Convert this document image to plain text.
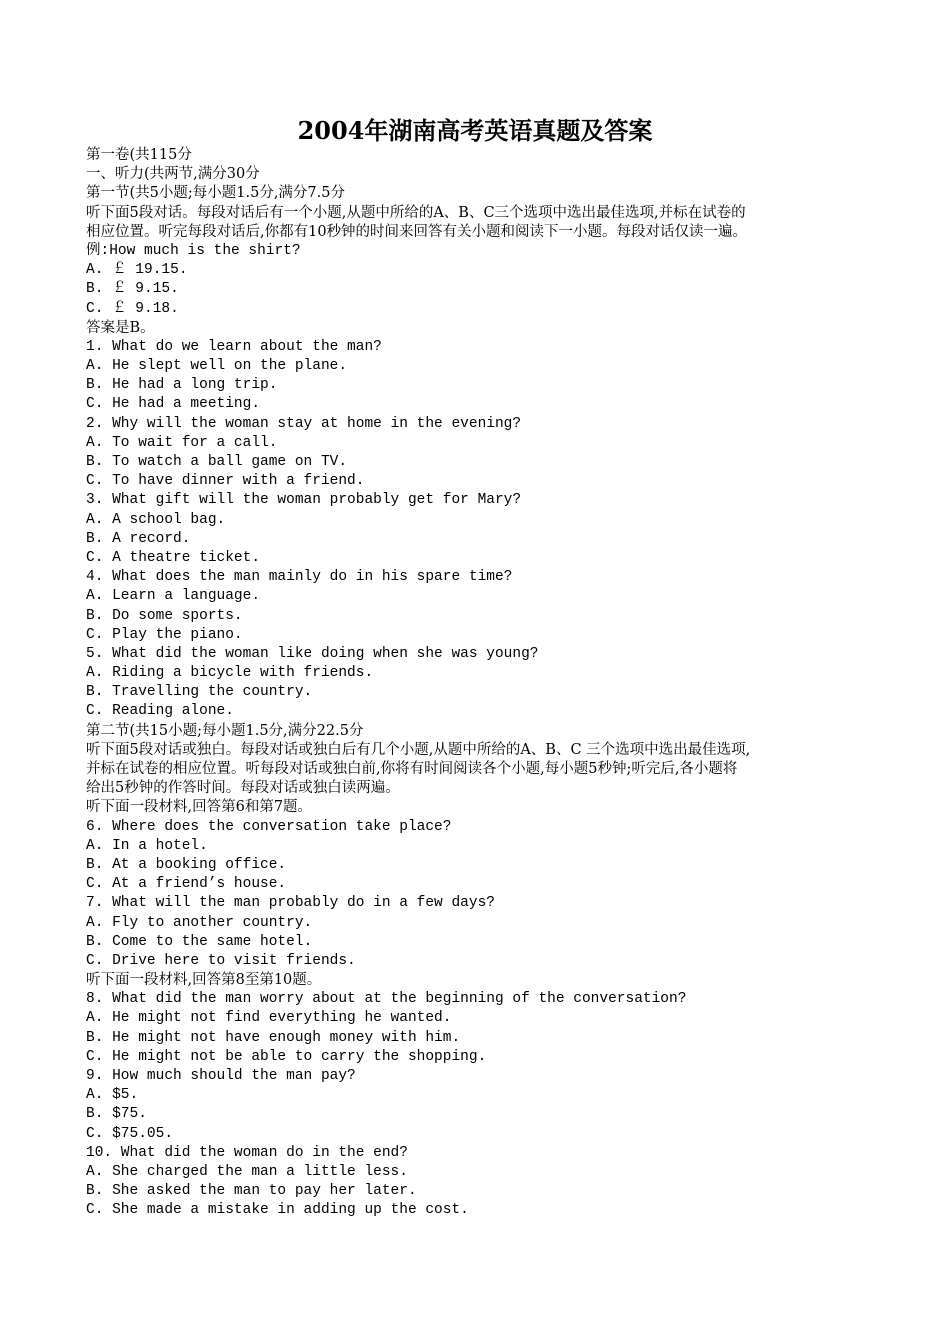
2004年湖南高考英语真题及答案
第一卷(共115分
一、听力(共两节,满分30分
第一节(共5小题;每小题1.5分,满分7.5分
听下面5段对话。每段对话后有一个小题,从题中所给的A、B、C三个选项中选出最佳选项,并标在试卷的
相应位置。听完每段对话后,你都有10秒钟的时间来回答有关小题和阅读下一小题。每段对话仅读一遍。
例:How much is the shirt?
A. ￡ 19.15.
B. ￡ 9.15.
C. ￡ 9.18.
答案是B。
1. What do we learn about the man?
A. He slept well on the plane.
B. He had a long trip.
C. He had a meeting.
2. Why will the woman stay at home in the evening?
A. To wait for a call.
B. To watch a ball game on TV.
C. To have dinner with a friend.
3. What gift will the woman probably get for Mary?
A. A school bag.
B. A record.
C. A theatre ticket.
4. What does the man mainly do in his spare time?
A. Learn a language.
B. Do some sports.
C. Play the piano.
5. What did the woman like doing when she was young?
A. Riding a bicycle with friends.
B. Travelling the country.
C. Reading alone.
第二节(共15小题;每小题1.5分,满分22.5分
听下面5段对话或独白。每段对话或独白后有几个小题,从题中所给的A、B、C 三个选项中选出最佳选项,
并标在试卷的相应位置。听每段对话或独白前,你将有时间阅读各个小题,每小题5秒钟;听完后,各小题将
给出5秒钟的作答时间。每段对话或独白读两遍。
听下面一段材料,回答第6和第7题。
6. Where does the conversation take place?
A. In a hotel.
B. At a booking office.
C. At a friend’s house.
7. What will the man probably do in a few days?
A. Fly to another country.
B. Come to the same hotel.
C. Drive here to visit friends.
听下面一段材料,回答第8至第10题。
8. What did the man worry about at the beginning of the conversation?
A. He might not find everything he wanted.
B. He might not have enough money with him.
C. He might not be able to carry the shopping.
9. How much should the man pay?
A. $5.
B. $75.
C. $75.05.
10. What did the woman do in the end?
A. She charged the man a little less.
B. She asked the man to pay her later.
C. She made a mistake in adding up the cost.
